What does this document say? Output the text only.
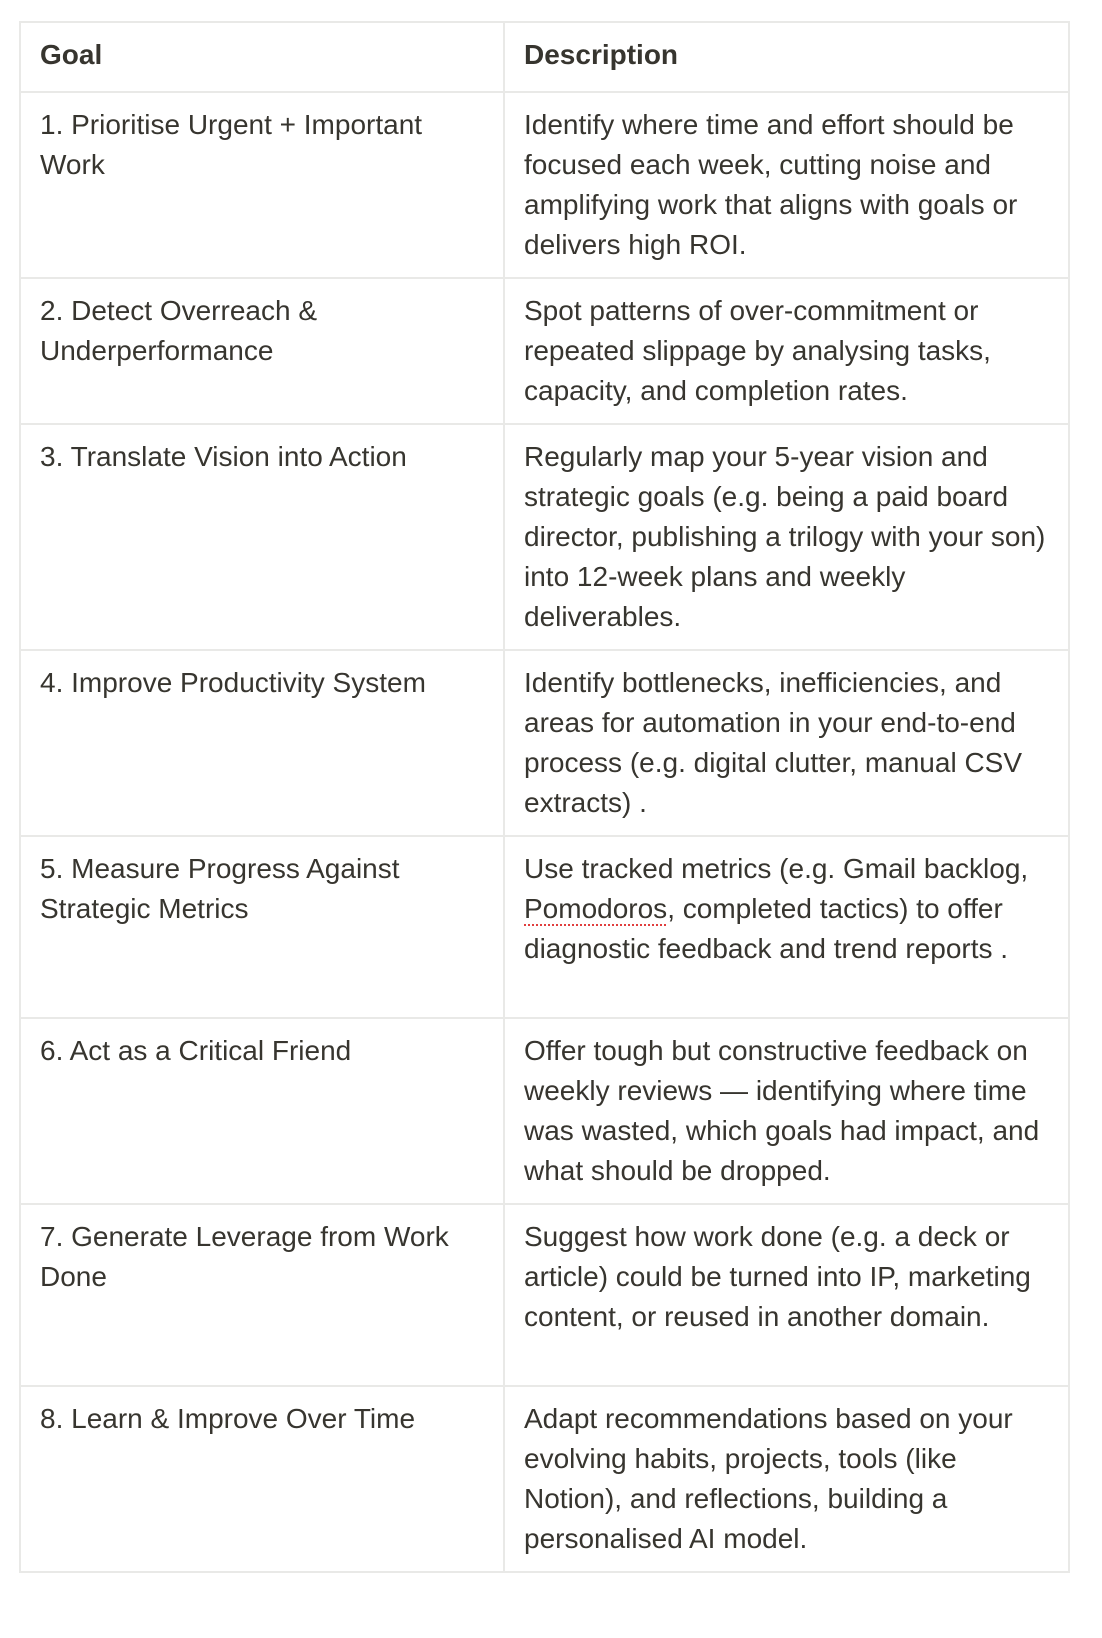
Goal	Description
1. Prioritise Urgent + Important Work	Identify where time and effort should be focused each week, cutting noise and amplifying work that aligns with goals or delivers high ROI.
2. Detect Overreach & Underperformance	Spot patterns of over-commitment or repeated slippage by analysing tasks, capacity, and completion rates.
3. Translate Vision into Action	Regularly map your 5-year vision and strategic goals (e.g. being a paid board director, publishing a trilogy with your son) into 12-week plans and weekly deliverables.
4. Improve Productivity System	Identify bottlenecks, inefficiencies, and areas for automation in your end-to-end process (e.g. digital clutter, manual CSV extracts) .
5. Measure Progress Against Strategic Metrics	Use tracked metrics (e.g. Gmail backlog, Pomodoros, completed tactics) to offer diagnostic feedback and trend reports .
6. Act as a Critical Friend	Offer tough but constructive feedback on weekly reviews — identifying where time was wasted, which goals had impact, and what should be dropped.
7. Generate Leverage from Work Done	Suggest how work done (e.g. a deck or article) could be turned into IP, marketing content, or reused in another domain.
8. Learn & Improve Over Time	Adapt recommendations based on your evolving habits, projects, tools (like Notion), and reflections, building a personalised AI model.
